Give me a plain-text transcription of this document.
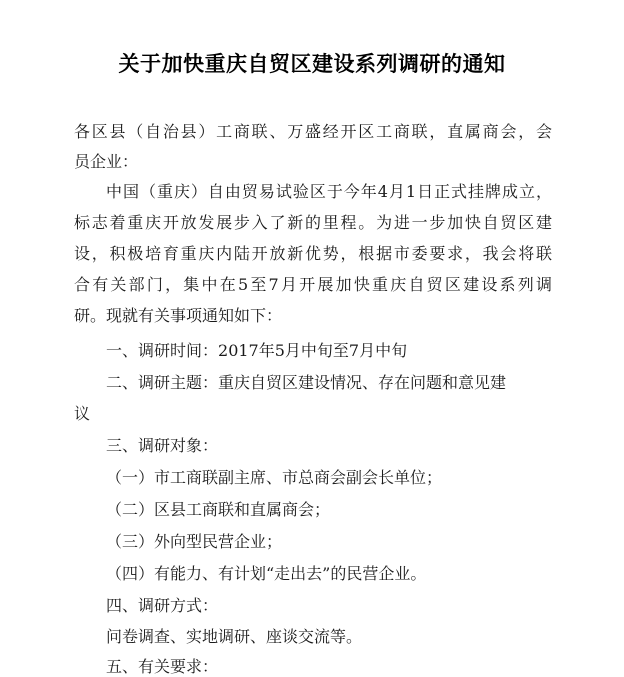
关于加快重庆自贸区建设系列调研的通知
各区县（自治县）工商联、万盛经开区工商联，直属商会，会
员企业：
中国（重庆）自由贸易试验区于今年4月1日正式挂牌成立，
标志着重庆开放发展步入了新的里程。为进一步加快自贸区建
设，积极培育重庆内陆开放新优势，根据市委要求，我会将联
合有关部门，集中在5至7月开展加快重庆自贸区建设系列调
研。现就有关事项通知如下：
一、调研时间：2017年5月中旬至7月中旬
二、调研主题：重庆自贸区建设情况、存在问题和意见建
议
三、调研对象：
（一）市工商联副主席、市总商会副会长单位；
（二）区县工商联和直属商会；
（三）外向型民营企业；
（四）有能力、有计划“走出去”的民营企业。
四、调研方式：
问卷调查、实地调研、座谈交流等。
五、有关要求：
